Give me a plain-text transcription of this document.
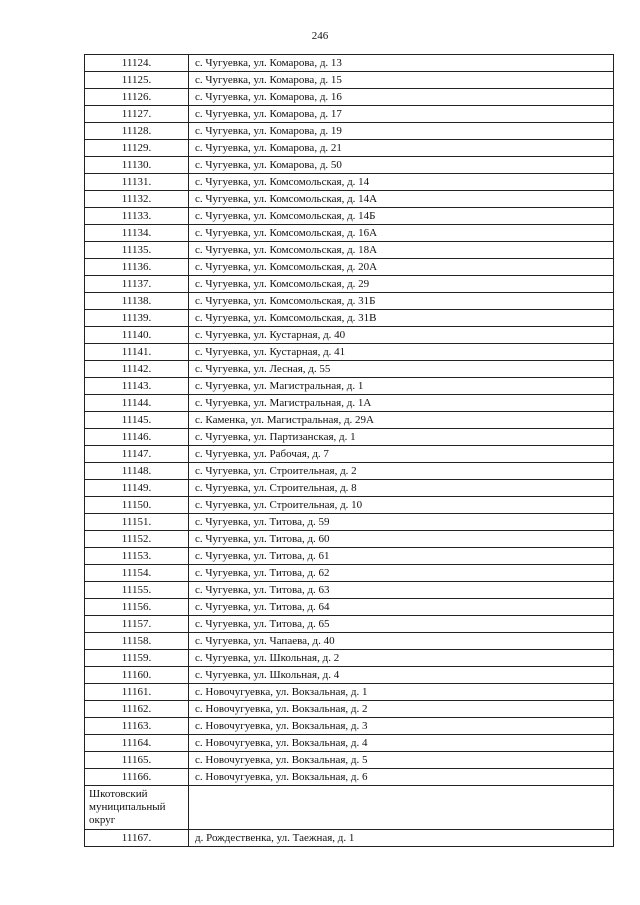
246
11124.	с. Чугуевка, ул. Комарова, д. 13
11125.	с. Чугуевка, ул. Комарова, д. 15
11126.	с. Чугуевка, ул. Комарова, д. 16
11127.	с. Чугуевка, ул. Комарова, д. 17
11128.	с. Чугуевка, ул. Комарова, д. 19
11129.	с. Чугуевка, ул. Комарова, д. 21
11130.	с. Чугуевка, ул. Комарова, д. 50
11131.	с. Чугуевка, ул. Комсомольская, д. 14
11132.	с. Чугуевка, ул. Комсомольская, д. 14А
11133.	с. Чугуевка, ул. Комсомольская, д. 14Б
11134.	с. Чугуевка, ул. Комсомольская, д. 16А
11135.	с. Чугуевка, ул. Комсомольская, д. 18А
11136.	с. Чугуевка, ул. Комсомольская, д. 20А
11137.	с. Чугуевка, ул. Комсомольская, д. 29
11138.	с. Чугуевка, ул. Комсомольская, д. 31Б
11139.	с. Чугуевка, ул. Комсомольская, д. 31В
11140.	с. Чугуевка, ул. Кустарная, д. 40
11141.	с. Чугуевка, ул. Кустарная, д. 41
11142.	с. Чугуевка, ул. Лесная, д. 55
11143.	с. Чугуевка, ул. Магистральная, д. 1
11144.	с. Чугуевка, ул. Магистральная, д. 1А
11145.	с. Каменка, ул. Магистральная, д. 29А
11146.	с. Чугуевка, ул. Партизанская, д. 1
11147.	с. Чугуевка, ул. Рабочая, д. 7
11148.	с. Чугуевка, ул. Строительная, д. 2
11149.	с. Чугуевка, ул. Строительная, д. 8
11150.	с. Чугуевка, ул. Строительная, д. 10
11151.	с. Чугуевка, ул. Титова, д. 59
11152.	с. Чугуевка, ул. Титова, д. 60
11153.	с. Чугуевка, ул. Титова, д. 61
11154.	с. Чугуевка, ул. Титова, д. 62
11155.	с. Чугуевка, ул. Титова, д. 63
11156.	с. Чугуевка, ул. Титова, д. 64
11157.	с. Чугуевка, ул. Титова, д. 65
11158.	с. Чугуевка, ул. Чапаева, д. 40
11159.	с. Чугуевка, ул. Школьная, д. 2
11160.	с. Чугуевка, ул. Школьная, д. 4
11161.	с. Новочугуевка, ул. Вокзальная, д. 1
11162.	с. Новочугуевка, ул. Вокзальная, д. 2
11163.	с. Новочугуевка, ул. Вокзальная, д. 3
11164.	с. Новочугуевка, ул. Вокзальная, д. 4
11165.	с. Новочугуевка, ул. Вокзальная, д. 5
11166.	с. Новочугуевка, ул. Вокзальная, д. 6
Шкотовский муниципальный округ	
11167.	д. Рождественка, ул. Таежная, д. 1
